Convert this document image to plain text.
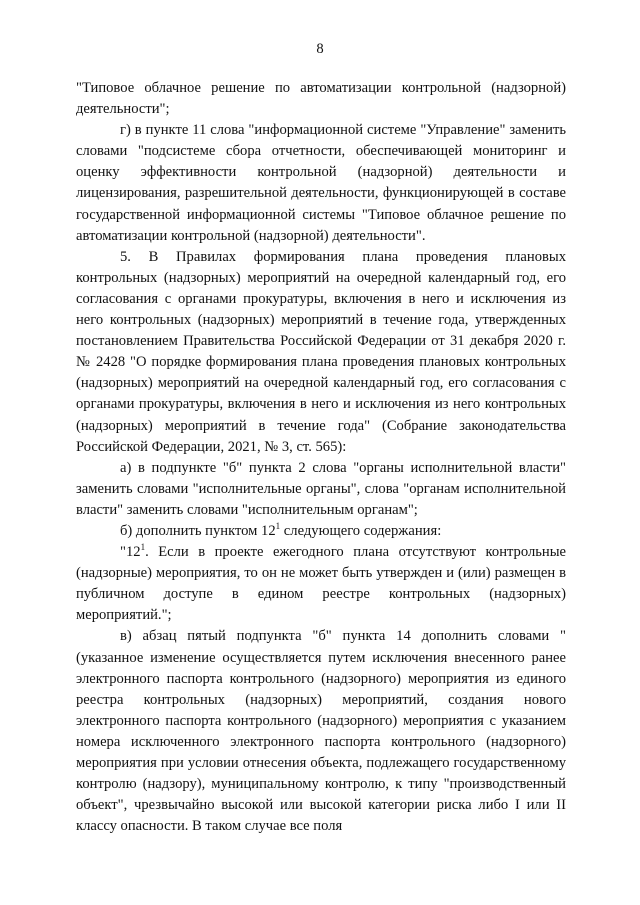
8

"Типовое облачное решение по автоматизации контрольной (надзорной) деятельности";

г) в пункте 11 слова "информационной системе "Управление" заменить словами "подсистеме сбора отчетности, обеспечивающей мониторинг и оценку эффективности контрольной (надзорной) деятельности и лицензирования, разрешительной деятельности, функционирующей в составе государственной информационной системы "Типовое облачное решение по автоматизации контрольной (надзорной) деятельности".

5. В Правилах формирования плана проведения плановых контрольных (надзорных) мероприятий на очередной календарный год, его согласования с органами прокуратуры, включения в него и исключения из него контрольных (надзорных) мероприятий в течение года, утвержденных постановлением Правительства Российской Федерации от 31 декабря 2020 г. № 2428 "О порядке формирования плана проведения плановых контрольных (надзорных) мероприятий на очередной календарный год, его согласования с органами прокуратуры, включения в него и исключения из него контрольных (надзорных) мероприятий в течение года" (Собрание законодательства Российской Федерации, 2021, № 3, ст. 565):

а) в подпункте "б" пункта 2 слова "органы исполнительной власти" заменить словами "исполнительные органы", слова "органам исполнительной власти" заменить словами "исполнительным органам";

б) дополнить пунктом $12^1$ следующего содержания:

"$12^1$. Если в проекте ежегодного плана отсутствуют контрольные (надзорные) мероприятия, то он не может быть утвержден и (или) размещен в публичном доступе в едином реестре контрольных (надзорных) мероприятий.";

в) абзац пятый подпункта "б" пункта 14 дополнить словами "(указанное изменение осуществляется путем исключения внесенного ранее электронного паспорта контрольного (надзорного) мероприятия из единого реестра контрольных (надзорных) мероприятий, создания нового электронного паспорта контрольного (надзорного) мероприятия с указанием номера исключенного электронного паспорта контрольного (надзорного) мероприятия при условии отнесения объекта, подлежащего государственному контролю (надзору), муниципальному контролю, к типу "производственный объект", чрезвычайно высокой или высокой категории риска либо I или II классу опасности. В таком случае все поля
